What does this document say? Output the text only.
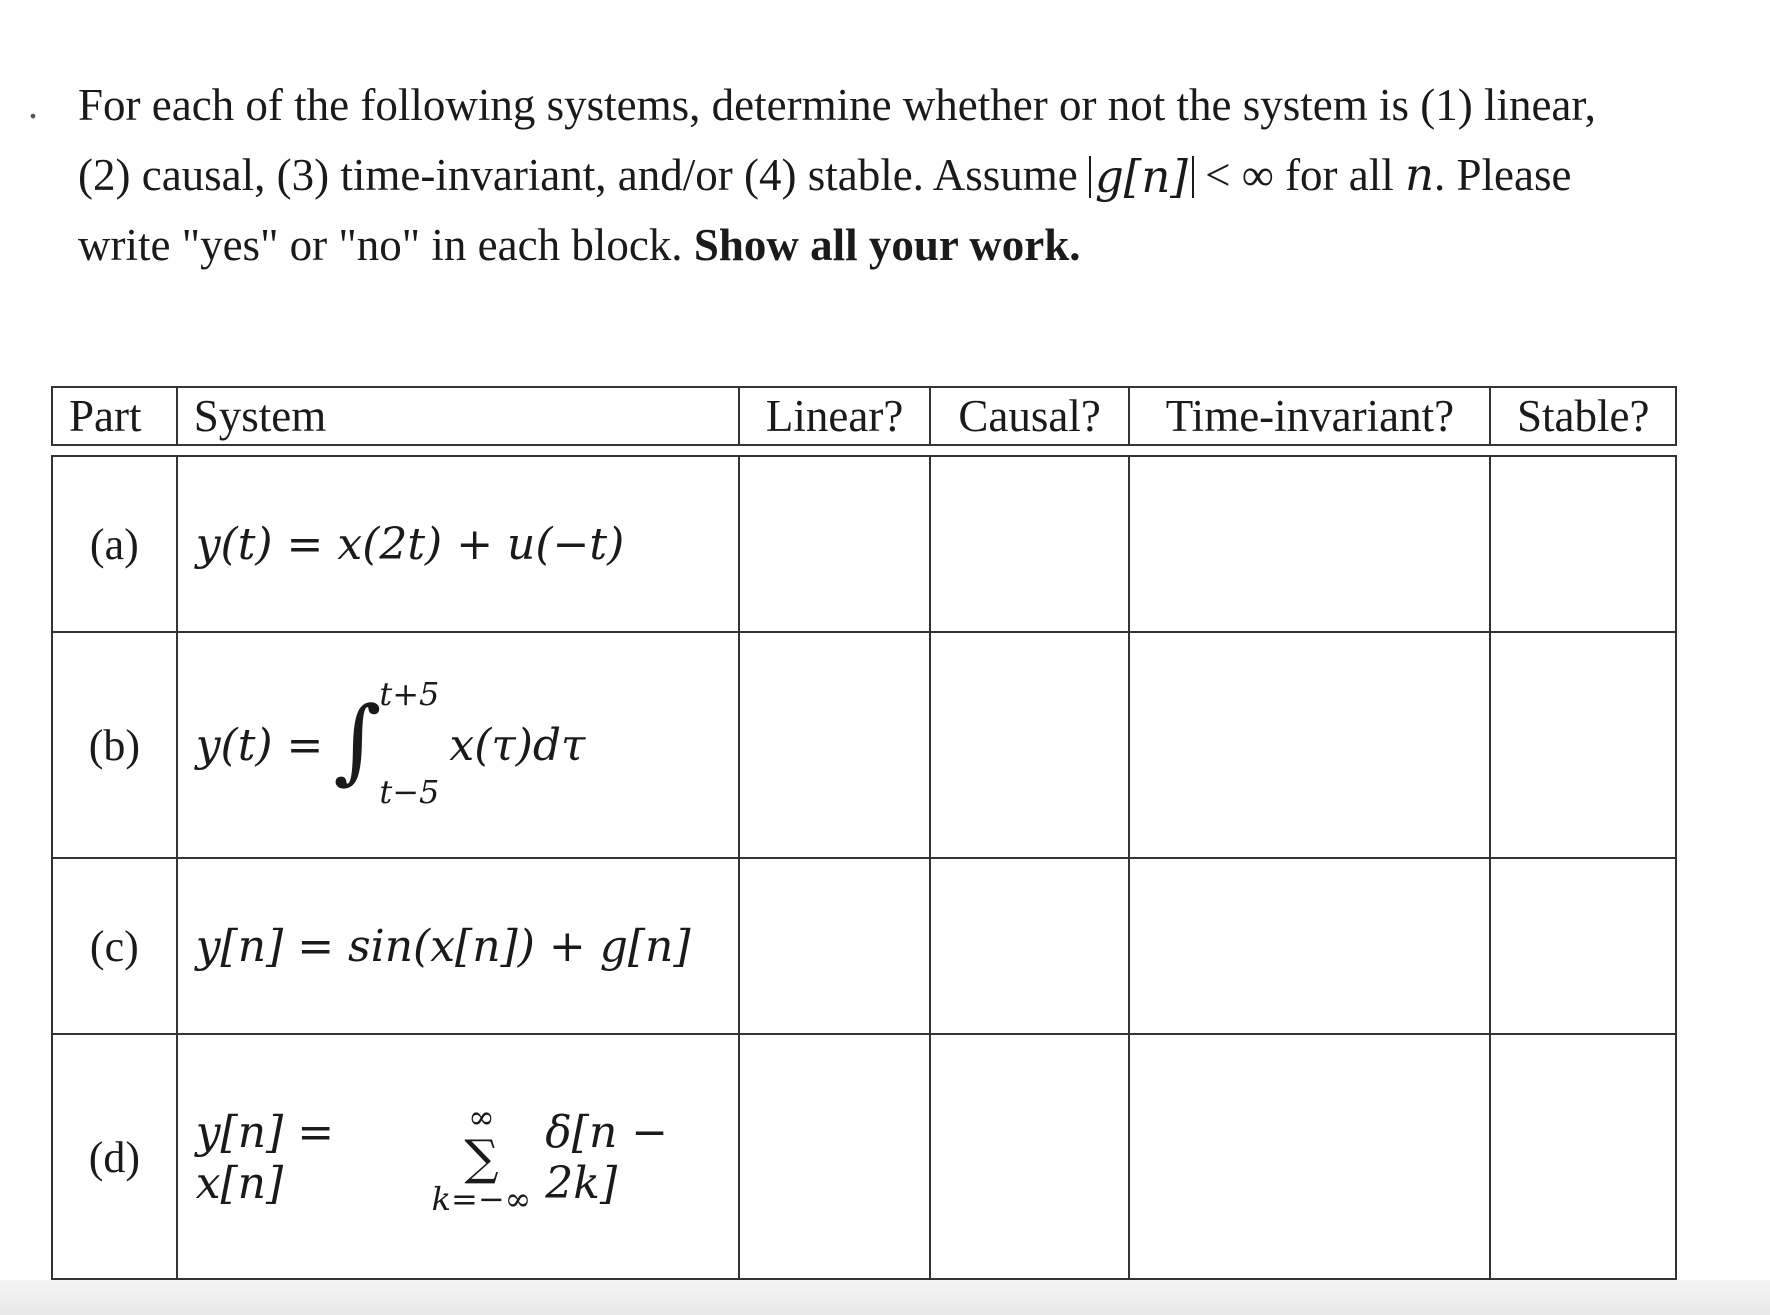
. For each of the following systems, determine whether or not the system is (1) linear,
(2) causal, (3) time-invariant, and/or (4) stable. Assume g[n] < ∞ for all n. Please
write "yes" or "no" in each block. Show all your work.
Part	System	Linear?	Causal?	Time-invariant?	Stable?
(a)	y(t) = x(2t) + u(−t)
(b)	y(t) = ∫
t+5
t−5
x(τ)dτ
(c)	y[n] = sin(x[n]) + g[n]
(d)	y[n] = x[n]
∞
∑
k=−∞
δ[n − 2k]
